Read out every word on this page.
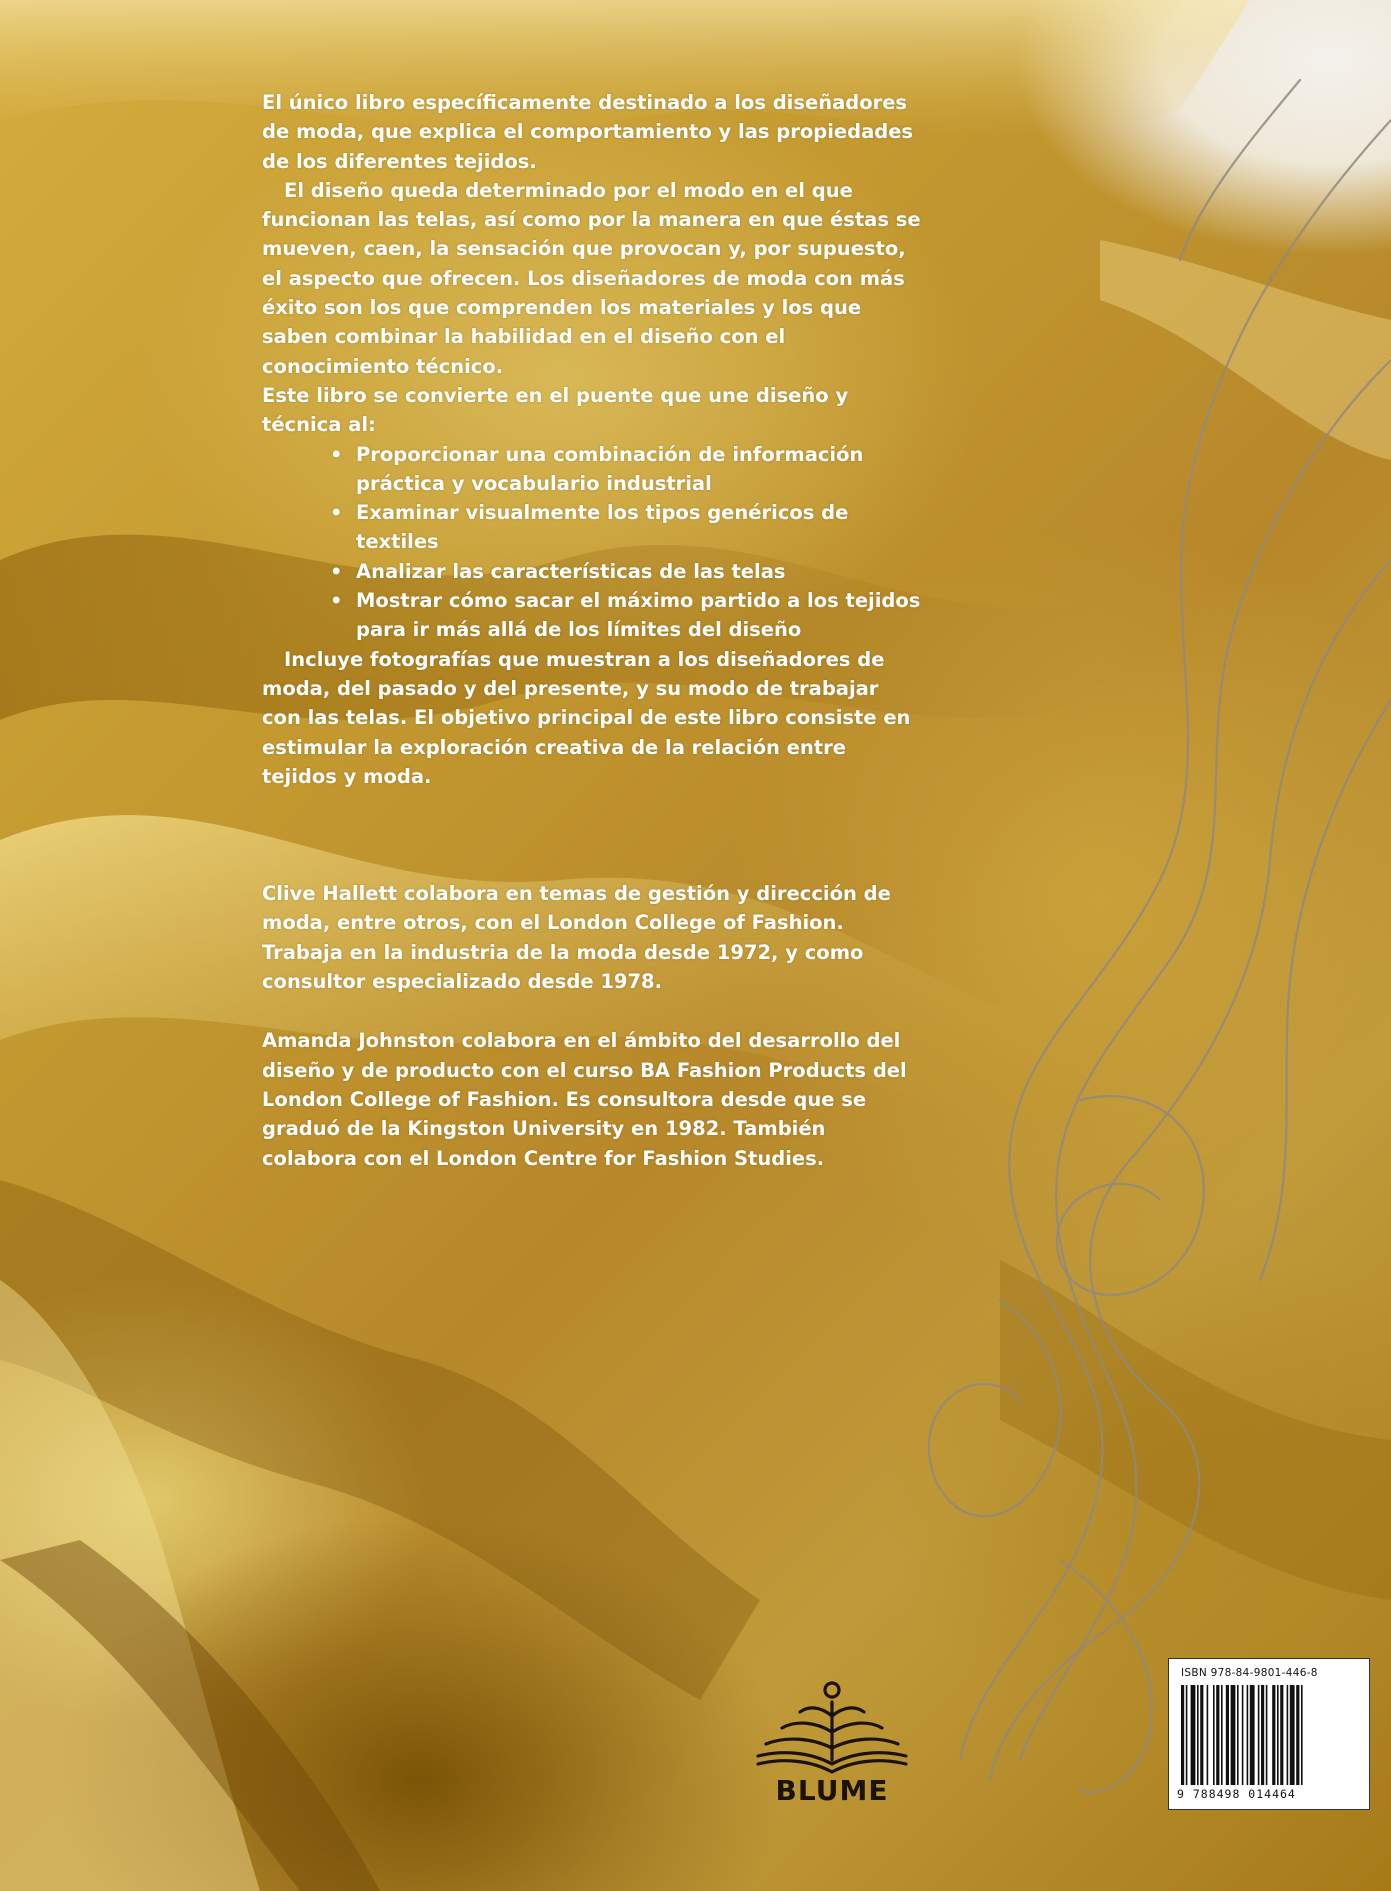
El único libro específicamente destinado a los diseñadores de moda, que explica el comportamiento y las propiedades de los diferentes tejidos.

El diseño queda determinado por el modo en el que funcionan las telas, así como por la manera en que éstas se mueven, caen, la sensación que provocan y, por supuesto, el aspecto que ofrecen. Los diseñadores de moda con más éxito son los que comprenden los materiales y los que saben combinar la habilidad en el diseño con el conocimiento técnico.

Este libro se convierte en el puente que une diseño y técnica al:

• Proporcionar una combinación de información práctica y vocabulario industrial
• Examinar visualmente los tipos genéricos de textiles
• Analizar las características de las telas
• Mostrar cómo sacar el máximo partido a los tejidos para ir más allá de los límites del diseño

Incluye fotografías que muestran a los diseñadores de moda, del pasado y del presente, y su modo de trabajar con las telas. El objetivo principal de este libro consiste en estimular la exploración creativa de la relación entre tejidos y moda.

Clive Hallett colabora en temas de gestión y dirección de moda, entre otros, con el London College of Fashion. Trabaja en la industria de la moda desde 1972, y como consultor especializado desde 1978.

Amanda Johnston colabora en el ámbito del desarrollo del diseño y de producto con el curso BA Fashion Products del London College of Fashion. Es consultora desde que se graduó de la Kingston University en 1982. También colabora con el London Centre for Fashion Studies.

BLUME
ISBN 978-84-9801-446-8
9 788498 014464
